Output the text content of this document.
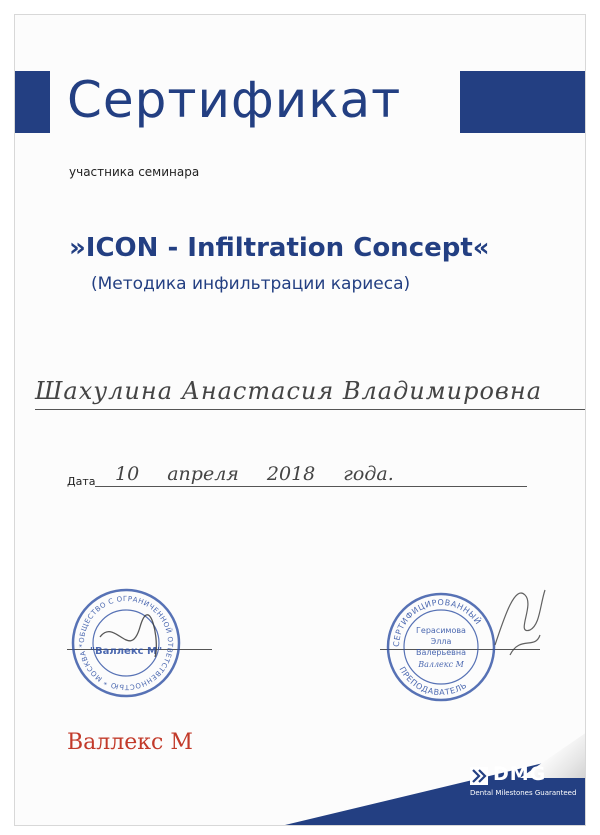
Сертификат
участника семинара
»ICON - Infiltration Concept«
(Методика инфильтрации кариеса)
Шахулина Анастасия Владимировна
Дата 10 апреля 2018 года.
ОБЩЕСТВО С ОГРАНИЧЕННОЙ ОТВЕТСТВЕННОСТЬЮ * МОСКВА *
"Валлекс М"
СЕРТИФИЦИРОВАННЫЙ
ПРЕПОДАВАТЕЛЬ
Герасимова
Элла
Валерьевна
Валлекс М
Валлекс М
DMG
Dental Milestones Guaranteed
